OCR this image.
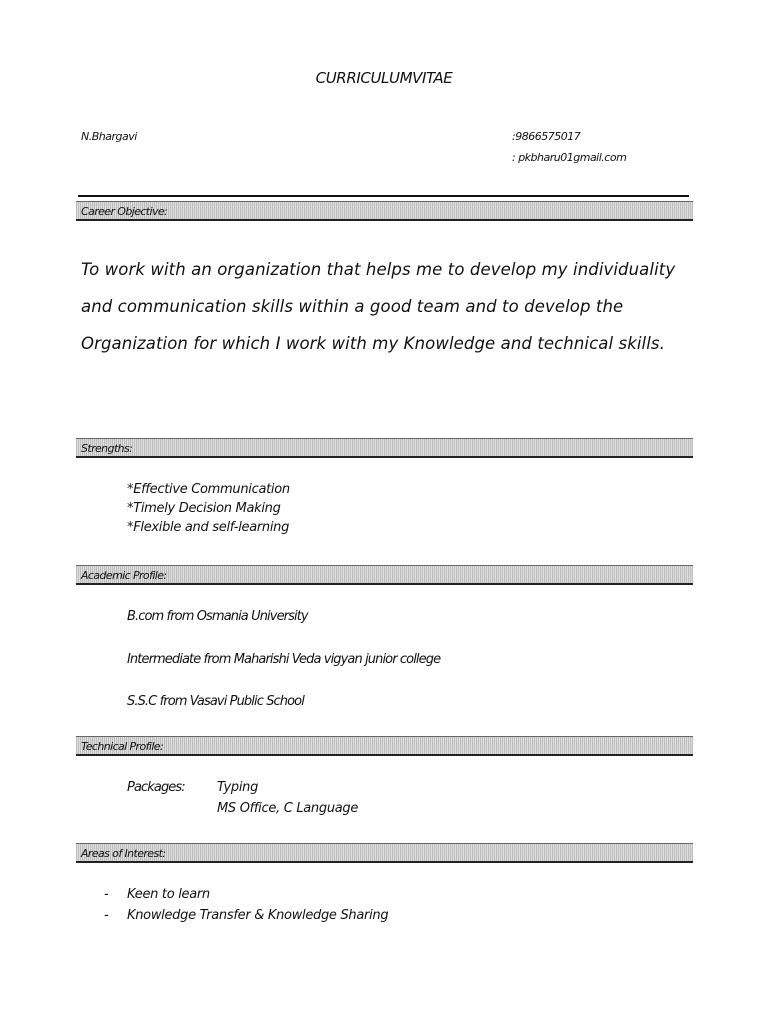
CURRICULUMVITAE
N.Bhargavi	:9866575017
: pkbharu01gmail.com
Career Objective:
To work with an organization that helps me to develop my individuality and communication skills within a good team and to develop the Organization for which I work with my Knowledge and technical skills.
Strengths:
*Effective Communication
*Timely Decision Making
*Flexible and self-learning
Academic Profile:
B.com from Osmania University
Intermediate from Maharishi Veda vigyan junior college
S.S.C from Vasavi Public School
Technical Profile:
Packages: Typing
MS Office, C Language
Areas of Interest:
- Keen to learn
- Knowledge Transfer & Knowledge Sharing
